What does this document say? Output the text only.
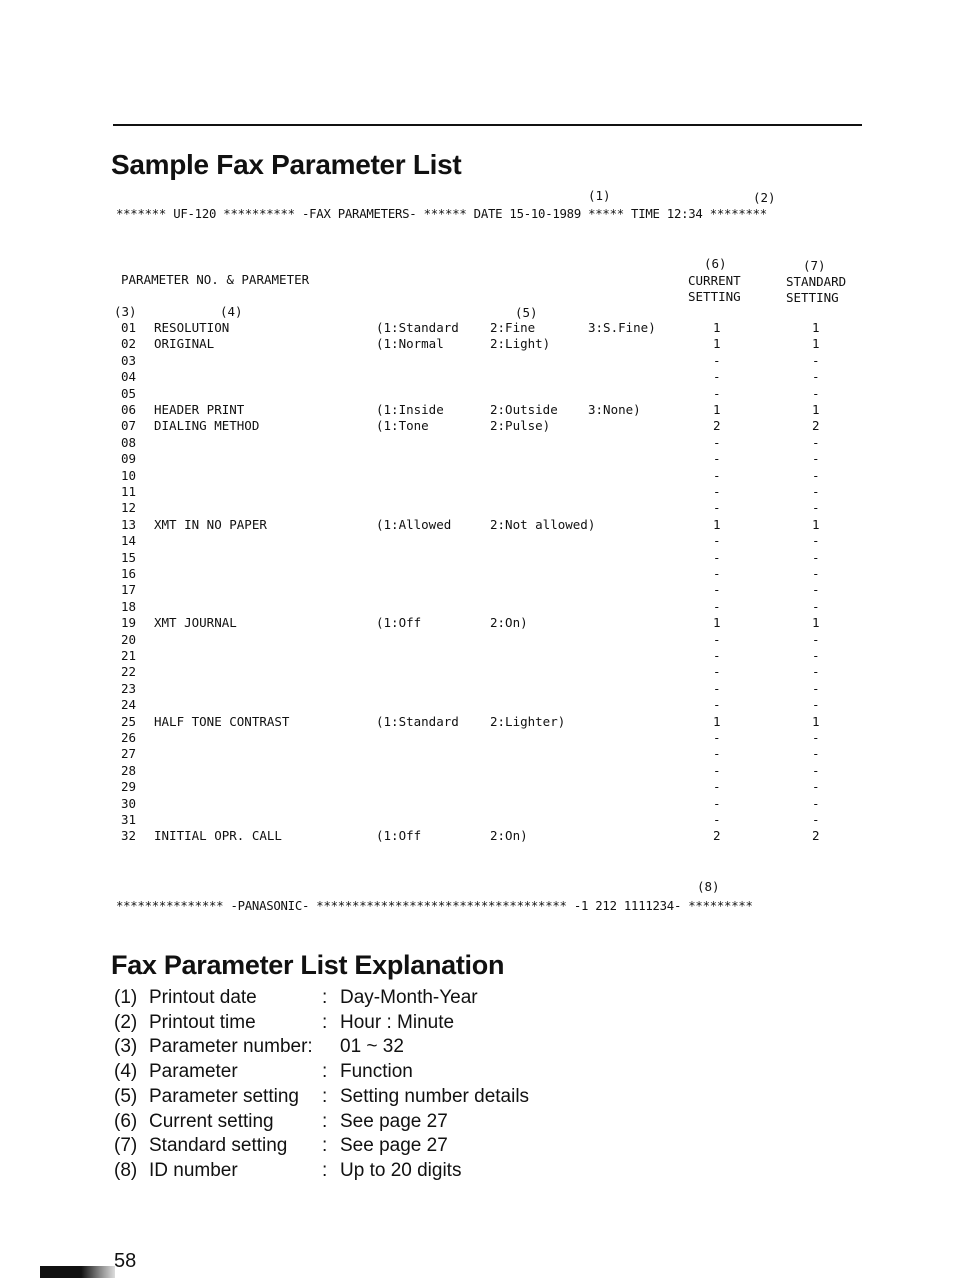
Sample Fax Parameter List
(1)	(2)
******* UF-120 ********** -FAX PARAMETERS- ****** DATE 15-10-1989 ***** TIME 12:34 ********
PARAMETER NO. & PARAMETER
(6)	(7)
CURRENT
SETTING
STANDARD
SETTING
(3)	(4)	(5)
01 RESOLUTION	(1:Standard 2:Fine	3:S.Fine)	1	1
02 ORIGINAL	(1:Normal	2:Light)	1	1
03	-	-
04	-	-
05	-	-
06 HEADER PRINT	(1:Inside	2:Outside 3:None)	1	1
07 DIALING METHOD	(1:Tone	2:Pulse)	2	2
08	-	-
09	-	-
10	-	-
11	-	-
12	-	-
13 XMT IN NO PAPER	(1:Allowed	2:Not allowed)	1	1
14	-	-
15	-	-
16	-	-
17	-	-
18	-	-
19 XMT JOURNAL	(1:Off	2:On)	1	1
20	-	-
21	-	-
22	-	-
23	-	-
24	-	-
25 HALF TONE CONTRAST	(1:Standard 2:Lighter)	1	1
26	-	-
27	-	-
28	-	-
29	-	-
30	-	-
31	-	-
32 INITIAL OPR. CALL	(1:Off	2:On)	2	2
(8)
*************** -PANASONIC- *********************************** -1 212 1111234- *********
Fax Parameter List Explanation
(1) Printout date	: Day-Month-Year
(2) Printout time	: Hour : Minute
(3) Parameter number: 01 ~ 32
(4) Parameter	: Function
(5) Parameter setting : Setting number details
(6) Current setting	: See page 27
(7) Standard setting : See page 27
(8) ID number	: Up to 20 digits
58
